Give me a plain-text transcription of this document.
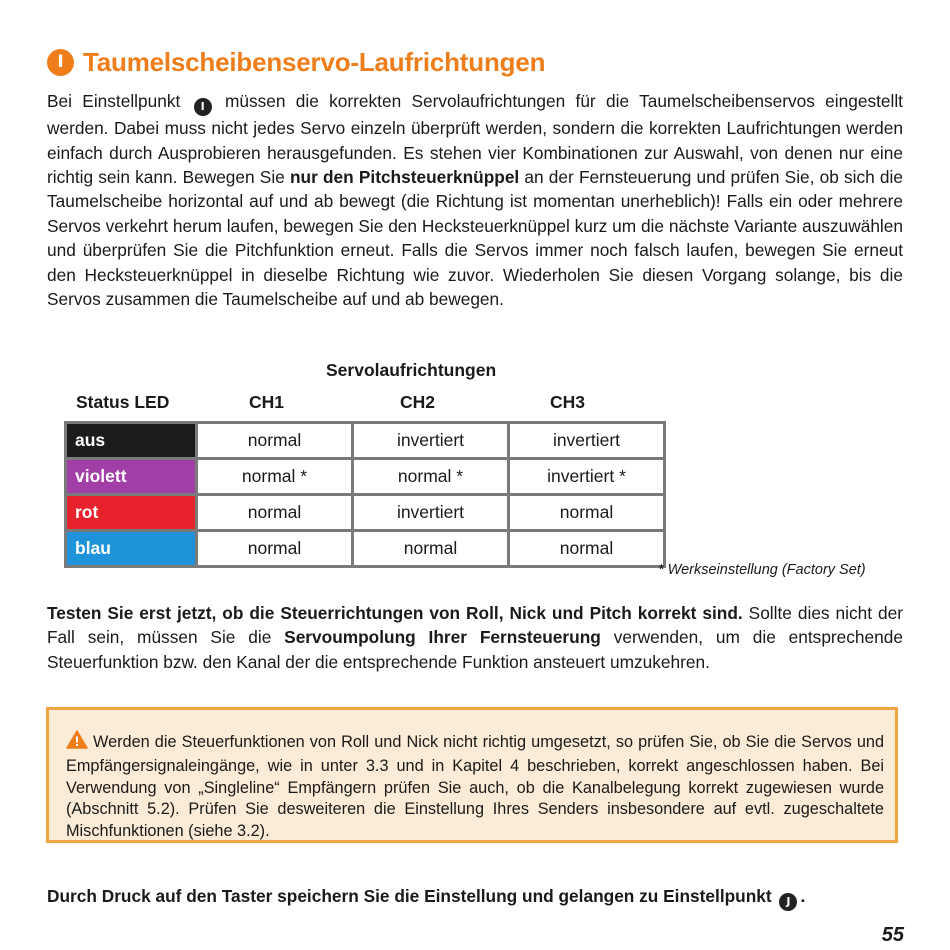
I Taumelscheibenservo-Laufrichtungen

Bei Einstellpunkt I müssen die korrekten Servolaufrichtungen für die Taumelscheibenservos eingestellt werden. Dabei muss nicht jedes Servo einzeln überprüft werden, sondern die korrekten Laufrichtungen werden einfach durch Ausprobieren herausgefunden. Es stehen vier Kombinationen zur Auswahl, von denen nur eine richtig sein kann. Bewegen Sie nur den Pitchsteuerknüppel an der Fernsteuerung und prüfen Sie, ob sich die Taumelscheibe horizontal auf und ab bewegt (die Richtung ist momentan unerheblich)! Falls ein oder mehrere Servos verkehrt herum laufen, bewegen Sie den Hecksteuerknüppel kurz um die nächste Variante auszuwählen und überprüfen Sie die Pitchfunktion erneut. Falls die Servos immer noch falsch laufen, bewegen Sie erneut den Hecksteuerknüppel in dieselbe Richtung wie zuvor. Wiederholen Sie diesen Vorgang solange, bis die Servos zusammen die Taumelscheibe auf und ab bewegen.

Servolaufrichtungen
Status LED	CH1	CH2	CH3
aus	normal	invertiert	invertiert
violett	normal *	normal *	invertiert *
rot	normal	invertiert	normal
blau	normal	normal	normal
* Werkseinstellung (Factory Set)

Testen Sie erst jetzt, ob die Steuerrichtungen von Roll, Nick und Pitch korrekt sind. Sollte dies nicht der Fall sein, müssen Sie die Servoumpolung Ihrer Fernsteuerung verwenden, um die entsprechende Steuerfunktion bzw. den Kanal der die entsprechende Funktion ansteuert umzukehren.

Werden die Steuerfunktionen von Roll und Nick nicht richtig umgesetzt, so prüfen Sie, ob Sie die Servos und Empfängersignaleingänge, wie in unter 3.3 und in Kapitel 4 beschrieben, korrekt angeschlossen haben. Bei Verwendung von „Singleline“ Empfängern prüfen Sie auch, ob die Kanalbelegung korrekt zugewiesen wurde (Abschnitt 5.2). Prüfen Sie desweiteren die Einstellung Ihres Senders insbesondere auf evtl. zugeschaltete Mischfunktionen (siehe 3.2).

Durch Druck auf den Taster speichern Sie die Einstellung und gelangen zu Einstellpunkt J .

55
